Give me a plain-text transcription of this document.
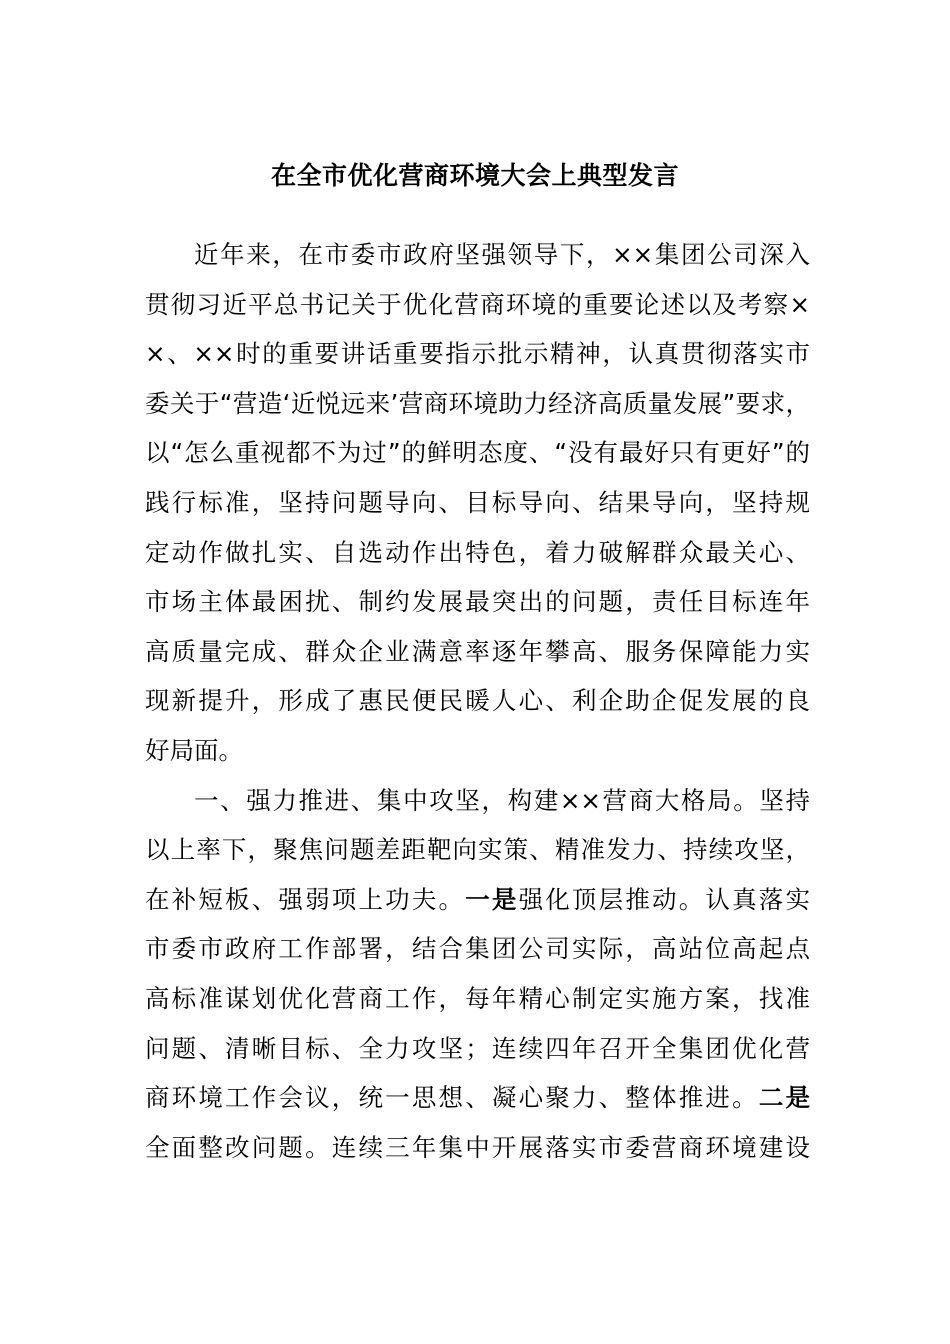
在全市优化营商环境大会上典型发言
近年来，在市委市政府坚强领导下，××集团公司深入
贯彻习近平总书记关于优化营商环境的重要论述以及考察×
×、××时的重要讲话重要指示批示精神，认真贯彻落实市
委关于“营造‘近悦远来’营商环境助力经济高质量发展”要求，
以“怎么重视都不为过”的鲜明态度、“没有最好只有更好”的
践行标准，坚持问题导向、目标导向、结果导向，坚持规
定动作做扎实、自选动作出特色，着力破解群众最关心、
市场主体最困扰、制约发展最突出的问题，责任目标连年
高质量完成、群众企业满意率逐年攀高、服务保障能力实
现新提升，形成了惠民便民暖人心、利企助企促发展的良
好局面。
一、强力推进、集中攻坚，构建××营商大格局。坚持
以上率下，聚焦问题差距靶向实策、精准发力、持续攻坚，
在补短板、强弱项上功夫。一是强化顶层推动。认真落实
市委市政府工作部署，结合集团公司实际，高站位高起点
高标准谋划优化营商工作，每年精心制定实施方案，找准
问题、清晰目标、全力攻坚；连续四年召开全集团优化营
商环境工作会议，统一思想、凝心聚力、整体推进。二是
全面整改问题。连续三年集中开展落实市委营商环境建设
